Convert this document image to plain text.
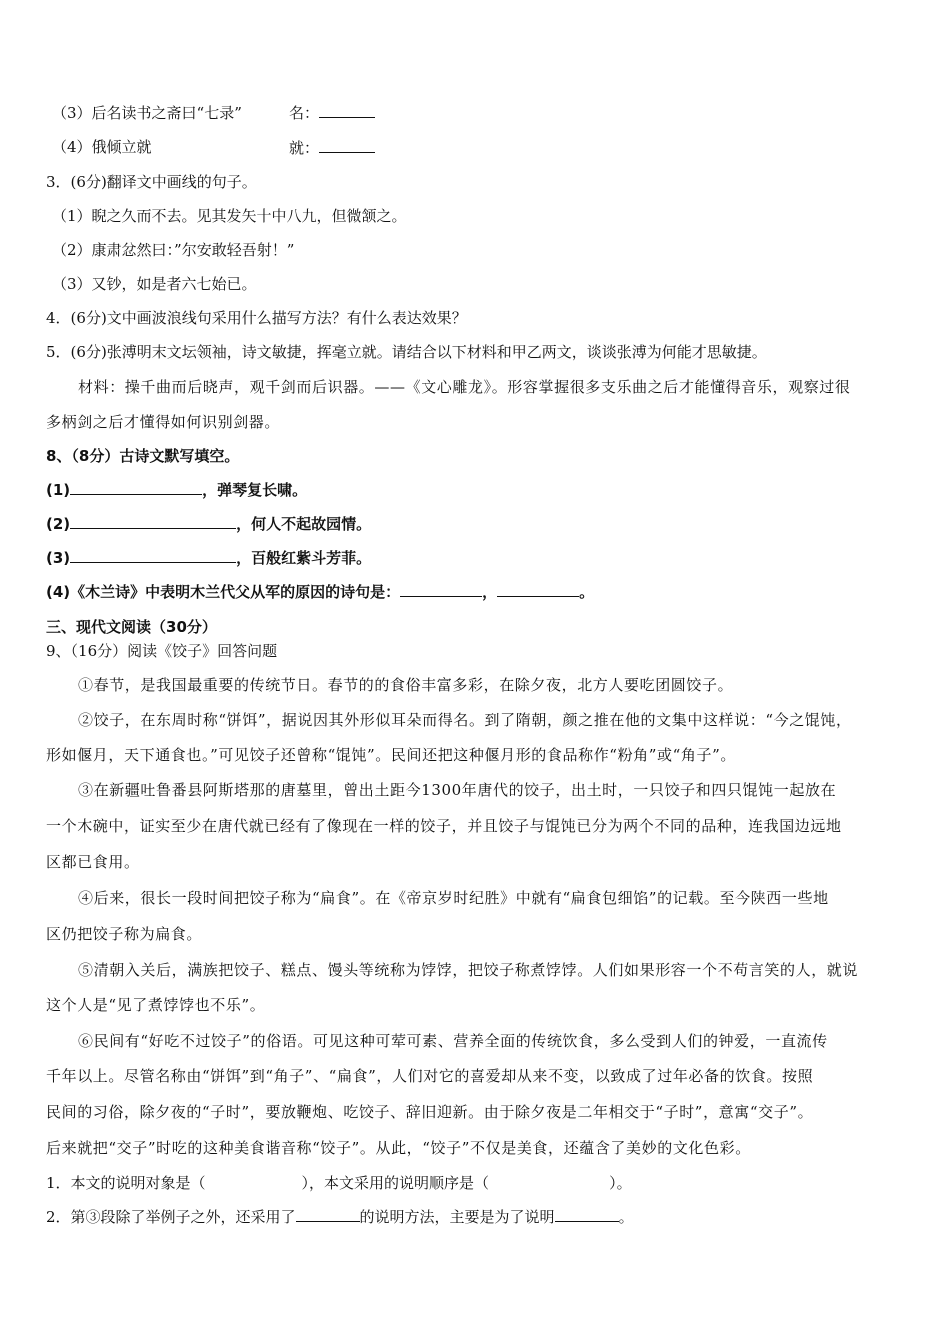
（3）后名读书之斋曰“七录”	名：
（4）俄倾立就	就：
3．(6分)翻译文中画线的句子。
（1）睨之久而不去。见其发矢十中八九，但微颔之。
（2）康肃忿然曰：”尔安敢轻吾射！”
（3）又钞，如是者六七始已。
4．(6分)文中画波浪线句采用什么描写方法？有什么表达效果？
5．(6分)张溥明末文坛领袖，诗文敏捷，挥毫立就。请结合以下材料和甲乙两文，谈谈张溥为何能才思敏捷。
材料：操千曲而后晓声，观千剑而后识器。——《文心雕龙》。形容掌握很多支乐曲之后才能懂得音乐，观察过很
多柄剑之后才懂得如何识别剑器。
8、（8分）古诗文默写填空。
(1)	，弹琴复长啸。
(2)	，何人不起故园情。
(3)	，百般红紫斗芳菲。
(4)《木兰诗》中表明木兰代父从军的原因的诗句是：	，	。
三、现代文阅读（30分）
9、（16分）阅读《饺子》回答问题
①春节，是我国最重要的传统节日。春节的的食俗丰富多彩，在除夕夜，北方人要吃团圆饺子。
②饺子，在东周时称“饼饵”，据说因其外形似耳朵而得名。到了隋朝，颜之推在他的文集中这样说：“今之馄饨，
形如偃月，天下通食也。”可见饺子还曾称“馄饨”。民间还把这种偃月形的食品称作“粉角”或“角子”。
③在新疆吐鲁番县阿斯塔那的唐墓里，曾出土距今1300年唐代的饺子，出土时，一只饺子和四只馄饨一起放在
一个木碗中，证实至少在唐代就已经有了像现在一样的饺子，并且饺子与馄饨已分为两个不同的品种，连我国边远地
区都已食用。
④后来，很长一段时间把饺子称为“扁食”。在《帝京岁时纪胜》中就有“扁食包细馅”的记载。至今陕西一些地
区仍把饺子称为扁食。
⑤清朝入关后，满族把饺子、糕点、馒头等统称为饽饽，把饺子称煮饽饽。人们如果形容一个不苟言笑的人，就说
这个人是“见了煮饽饽也不乐”。
⑥民间有“好吃不过饺子”的俗语。可见这种可荤可素、营养全面的传统饮食，多么受到人们的钟爱，一直流传
千年以上。尽管名称由“饼饵”到“角子”、“扁食”，人们对它的喜爱却从来不变，以致成了过年必备的饮食。按照
民间的习俗，除夕夜的“子时”，要放鞭炮、吃饺子、辞旧迎新。由于除夕夜是二年相交于“子时”，意寓“交子”。
后来就把“交子”时吃的这种美食谐音称“饺子”。从此，“饺子”不仅是美食，还蕴含了美妙的文化色彩。
1．本文的说明对象是（	），本文采用的说明顺序是（	）。
2．第③段除了举例子之外，还采用了	的说明方法，主要是为了说明	。
